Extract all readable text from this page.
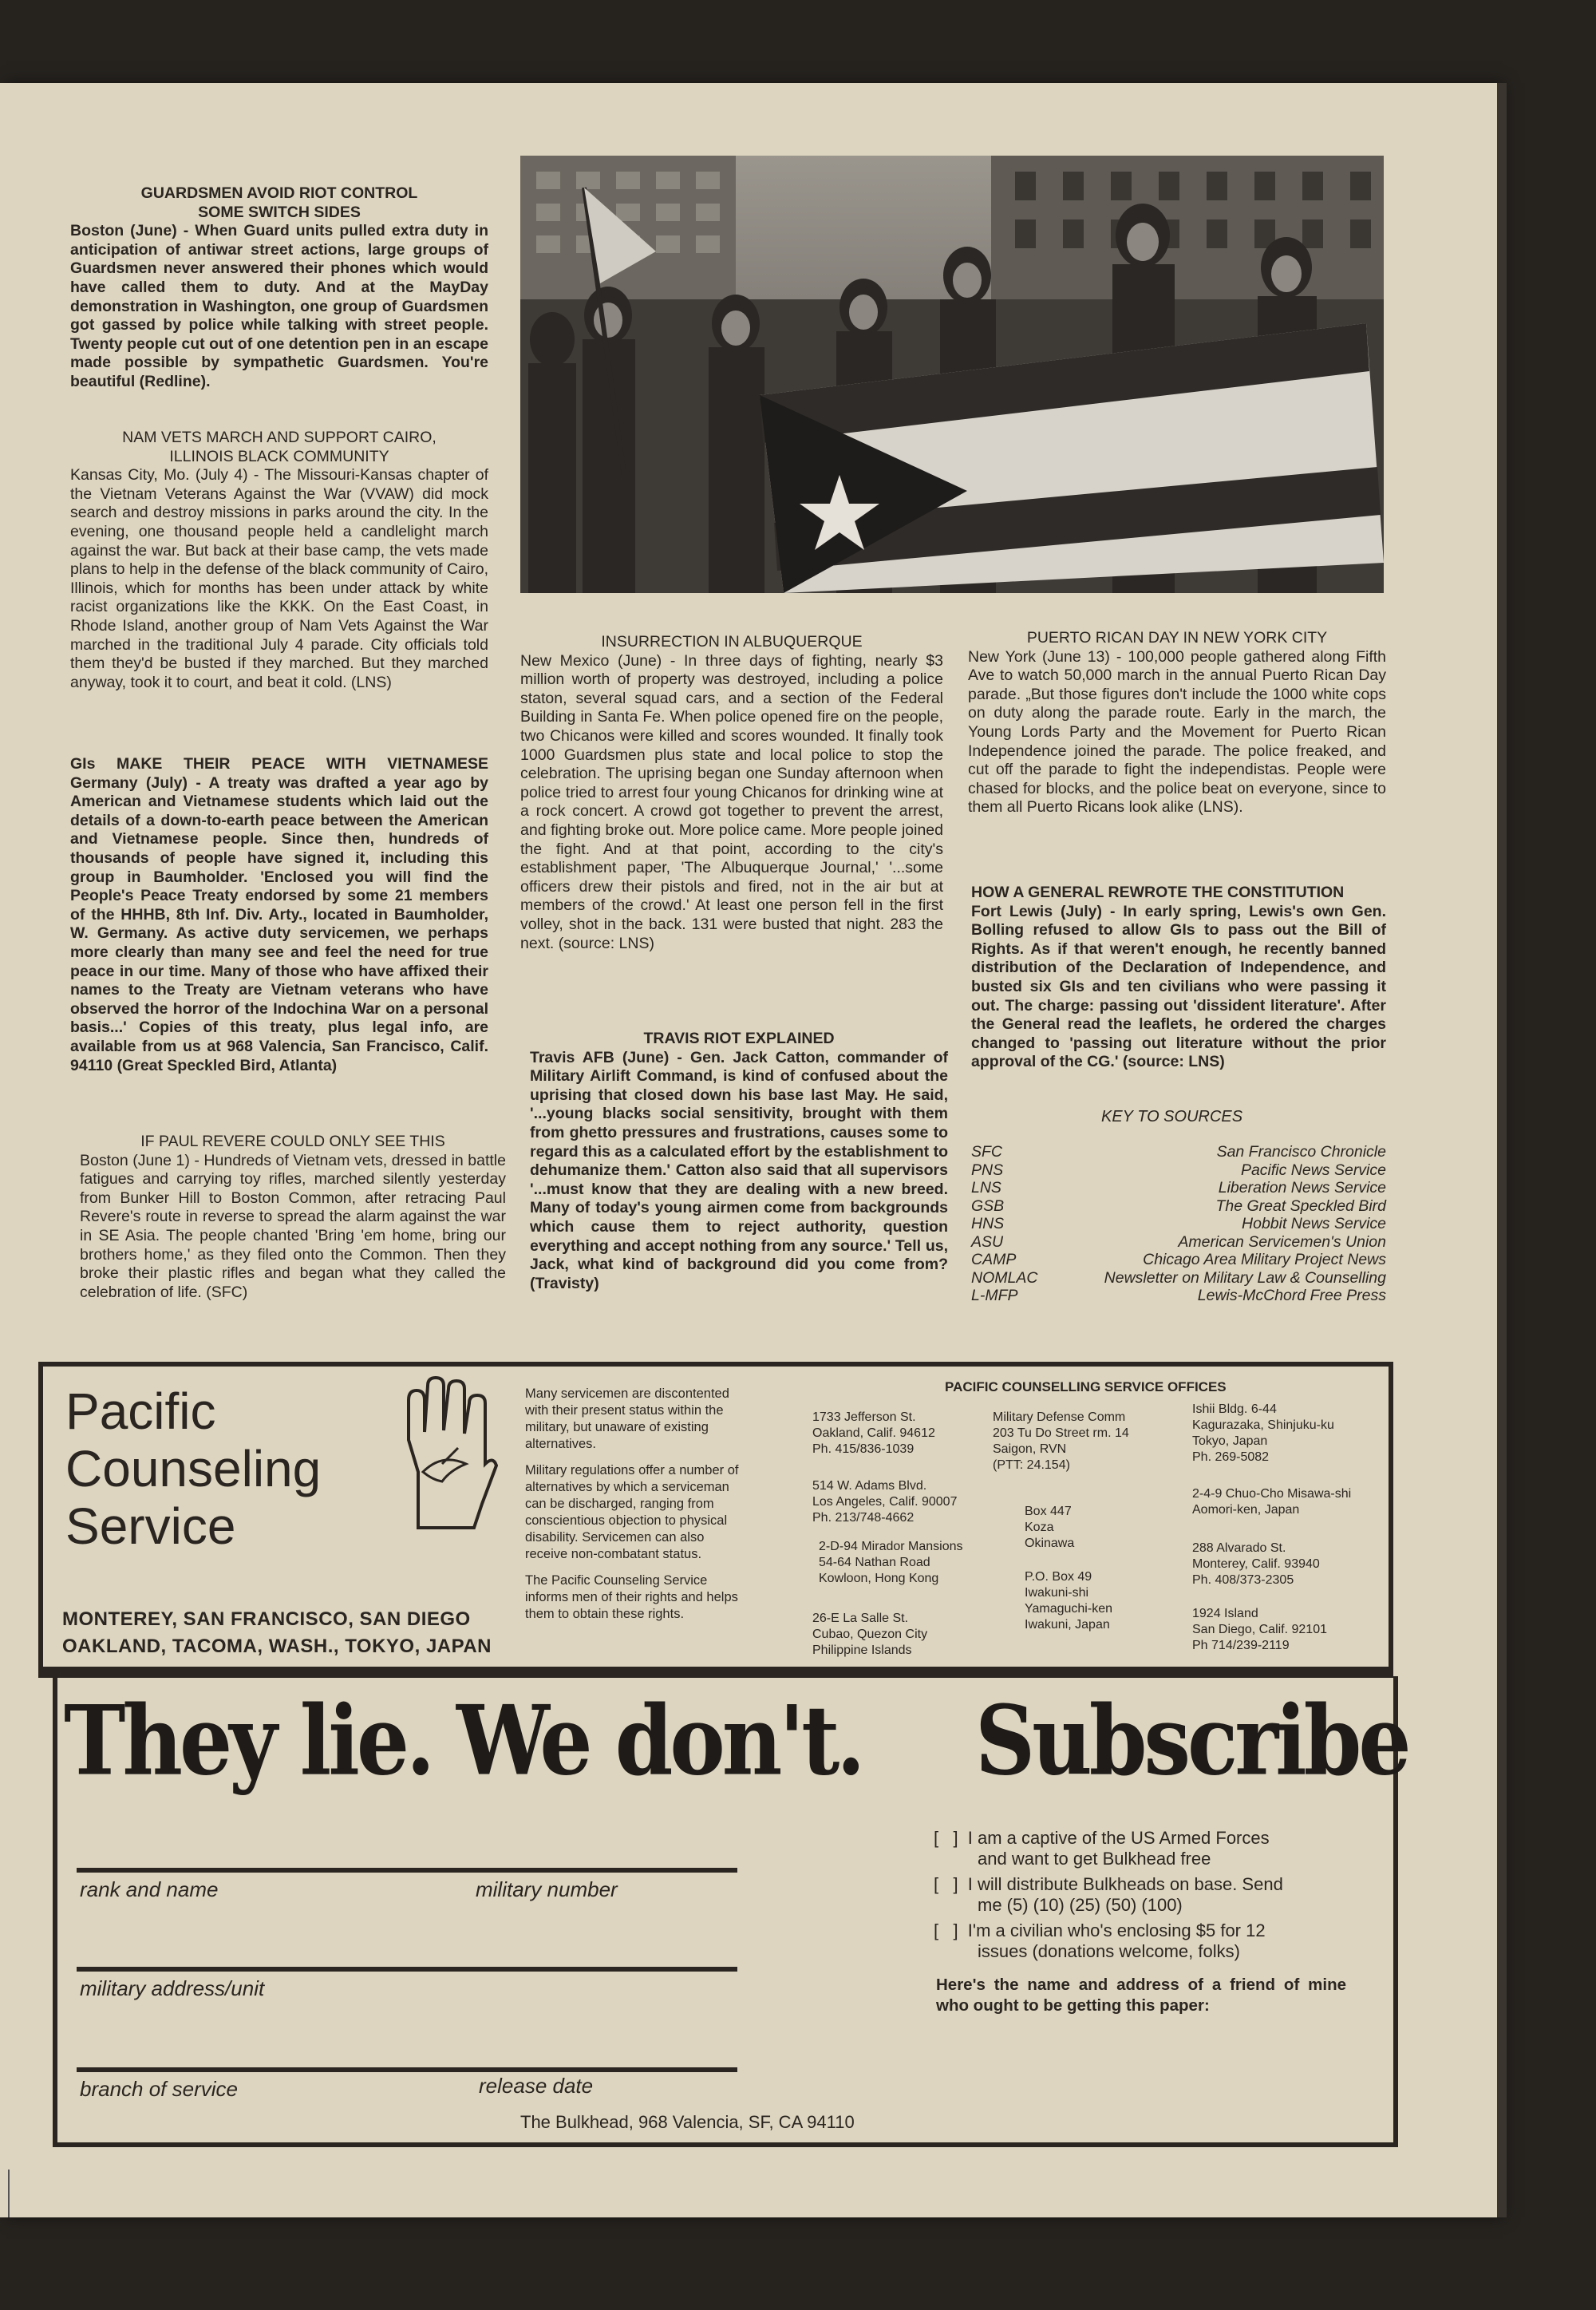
GUARDSMEN AVOID RIOT CONTROL
SOME SWITCH SIDES
Boston (June) - When Guard units pulled extra duty in anticipation of antiwar street actions, large groups of Guardsmen never answered their phones which would have called them to duty. And at the MayDay demonstration in Washington, one group of Guardsmen got gassed by police while talking with street people. Twenty people cut out of one detention pen in an escape made possible by sympathetic Guardsmen. You're beautiful (Redline).
NAM VETS MARCH AND SUPPORT CAIRO,
ILLINOIS BLACK COMMUNITY
Kansas City, Mo. (July 4) - The Missouri-Kansas chapter of the Vietnam Veterans Against the War (VVAW) did mock search and destroy missions in parks around the city. In the evening, one thousand people held a candlelight march against the war. But back at their base camp, the vets made plans to help in the defense of the black community of Cairo, Illinois, which for months has been under attack by white racist organizations like the KKK. On the East Coast, in Rhode Island, another group of Nam Vets Against the War marched in the traditional July 4 parade. City officials told them they'd be busted if they marched. But they marched anyway, took it to court, and beat it cold. (LNS)
GIs MAKE THEIR PEACE WITH VIETNAMESE
Germany (July) - A treaty was drafted a year ago by American and Vietnamese students which laid out the details of a down-to-earth peace between the American and Vietnamese people. Since then, hundreds of thousands of people have signed it, including this group in Baumholder. 'Enclosed you will find the People's Peace Treaty endorsed by some 21 members of the HHHB, 8th Inf. Div. Arty., located in Baumholder, W. Germany. As active duty servicemen, we perhaps more clearly than many see and feel the need for true peace in our time. Many of those who have affixed their names to the Treaty are Vietnam veterans who have observed the horror of the Indochina War on a personal basis...' Copies of this treaty, plus legal info, are available from us at 968 Valencia, San Francisco, Calif. 94110 (Great Speckled Bird, Atlanta)
IF PAUL REVERE COULD ONLY SEE THIS
Boston (June 1) - Hundreds of Vietnam vets, dressed in battle fatigues and carrying toy rifles, marched silently yesterday from Bunker Hill to Boston Common, after retracing Paul Revere's route in reverse to spread the alarm against the war in SE Asia. The people chanted 'Bring 'em home, bring our brothers home,' as they filed onto the Common. Then they broke their plastic rifles and began what they called the celebration of life. (SFC)
INSURRECTION IN ALBUQUERQUE
New Mexico (June) - In three days of fighting, nearly $3 million worth of property was destroyed, including a police staton, several squad cars, and a section of the Federal Building in Santa Fe. When police opened fire on the people, two Chicanos were killed and scores wounded. It finally took 1000 Guardsmen plus state and local police to stop the celebration. The uprising began one Sunday afternoon when police tried to arrest four young Chicanos for drinking wine at a rock concert. A crowd got together to prevent the arrest, and fighting broke out. More police came. More people joined the fight. And at that point, according to the city's establishment paper, 'The Albuquerque Journal,' '...some officers drew their pistols and fired, not in the air but at members of the crowd.' At least one person fell in the first volley, shot in the back. 131 were busted that night. 283 the next. (source: LNS)
TRAVIS RIOT EXPLAINED
Travis AFB (June) - Gen. Jack Catton, commander of Military Airlift Command, is kind of confused about the uprising that closed down his base last May. He said, '...young blacks social sensitivity, brought with them from ghetto pressures and frustrations, causes some to regard this as a calculated effort by the establishment to dehumanize them.' Catton also said that all supervisors '...must know that they are dealing with a new breed. Many of today's young airmen come from backgrounds which cause them to reject authority, question everything and accept nothing from any source.' Tell us, Jack, what kind of background did you come from? (Travisty)
PUERTO RICAN DAY IN NEW YORK CITY
New York (June 13) - 100,000 people gathered along Fifth Ave to watch 50,000 march in the annual Puerto Rican Day parade. „But those figures don't include the 1000 white cops on duty along the parade route. Early in the march, the Young Lords Party and the Movement for Puerto Rican Independence joined the parade. The police freaked, and cut off the parade to fight the independistas. People were chased for blocks, and the police beat on everyone, since to them all Puerto Ricans look alike (LNS).
HOW A GENERAL REWROTE THE CONSTITUTION
Fort Lewis (July) - In early spring, Lewis's own Gen. Bolling refused to allow GIs to pass out the Bill of Rights. As if that weren't enough, he recently banned distribution of the Declaration of Independence, and busted six GIs and ten civilians who were passing it out. The charge: passing out 'dissident literature'. After the General read the leaflets, he ordered the charges changed to 'passing out literature without the prior approval of the CG.' (source: LNS)
KEY TO SOURCES
SFC	San Francisco Chronicle
PNS	Pacific News Service
LNS	Liberation News Service
GSB	The Great Speckled Bird
HNS	Hobbit News Service
ASU	American Servicemen's Union
CAMP	Chicago Area Military Project News
NOMLAC	Newsletter on Military Law & Counselling
L-MFP	Lewis-McChord Free Press
Pacific
Counseling
Service
MONTEREY, SAN FRANCISCO, SAN DIEGO
OAKLAND, TACOMA, WASH., TOKYO, JAPAN

Many servicemen are discontented with their present status within the military, but unaware of existing alternatives.

Military regulations offer a number of alternatives by which a serviceman can be discharged, ranging from conscientious objection to physical disability. Servicemen can also receive non-combatant status.

The Pacific Counseling Service informs men of their rights and helps them to obtain these rights.

PACIFIC COUNSELLING SERVICE OFFICES
1733 Jefferson St.
Oakland, Calif. 94612
Ph. 415/836-1039
514 W. Adams Blvd.
Los Angeles, Calif. 90007
Ph. 213/748-4662
2-D-94 Mirador Mansions
54-64 Nathan Road
Kowloon, Hong Kong
26-E La Salle St.
Cubao, Quezon City
Philippine Islands
Military Defense Comm
203 Tu Do Street rm. 14
Saigon, RVN
(PTT: 24.154)
Box 447
Koza
Okinawa
P.O. Box 49
Iwakuni-shi
Yamaguchi-ken
Iwakuni, Japan
Ishii Bldg. 6-44
Kagurazaka, Shinjuku-ku
Tokyo, Japan
Ph. 269-5082
2-4-9 Chuo-Cho Misawa-shi
Aomori-ken, Japan
288 Alvarado St.
Monterey, Calif. 93940
Ph. 408/373-2305
1924 Island
San Diego, Calif. 92101
Ph 714/239-2119
They lie. We don't. Subscribe
rank and name	military number
military address/unit
branch of service	release date
[   ]  I am a captive of the US Armed Forces
and want to get Bulkhead free
[   ]  I will distribute Bulkheads on base. Send
me (5) (10) (25) (50) (100)
[   ]  I'm a civilian who's enclosing $5 for 12
issues (donations welcome, folks)
Here's the name and address of a friend of mine who ought to be getting this paper:
The Bulkhead, 968 Valencia, SF, CA 94110
